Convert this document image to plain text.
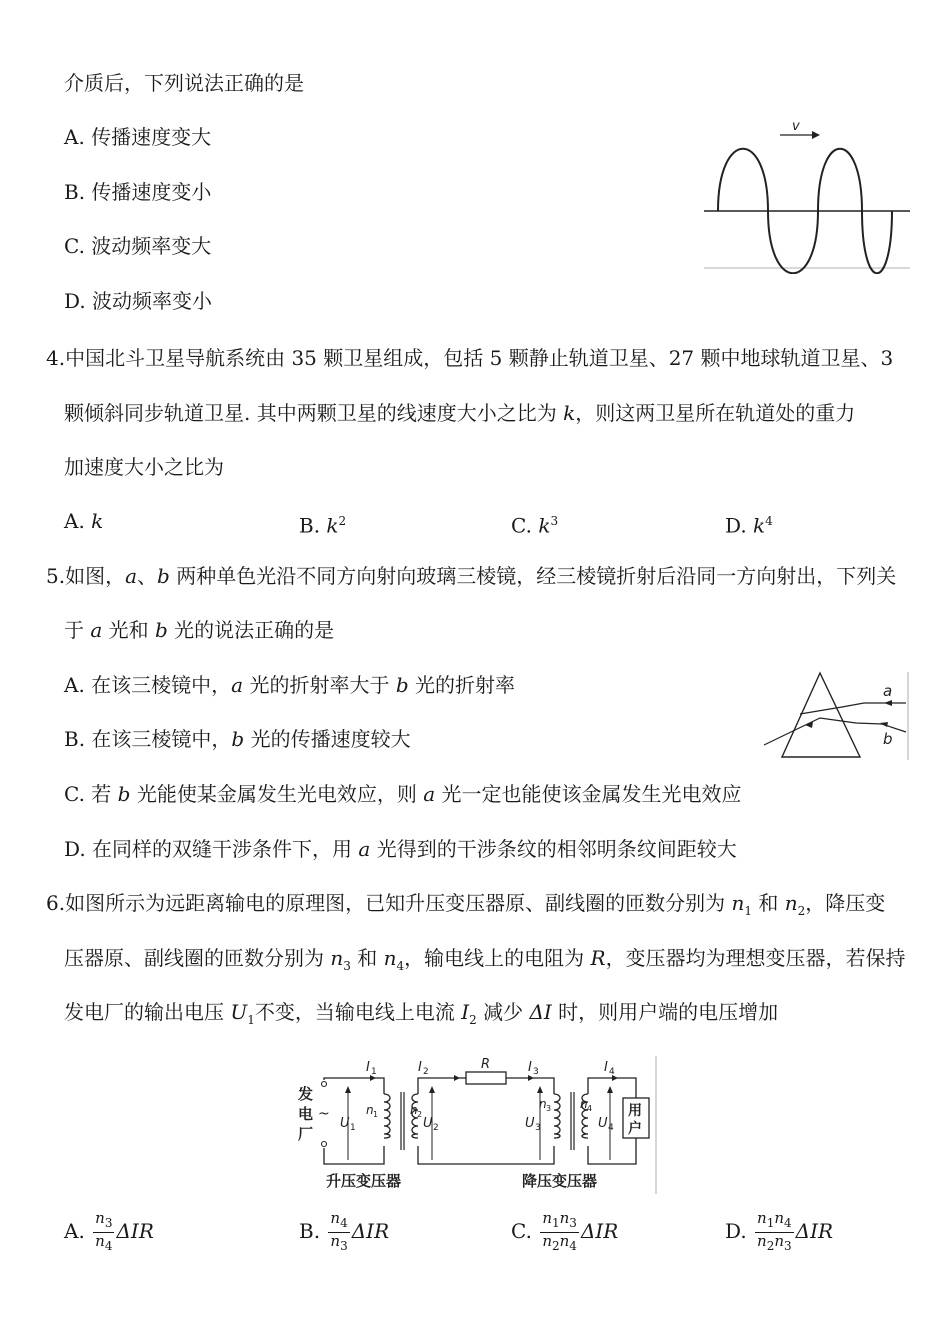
介质后，下列说法正确的是
A. 传播速度变大
B. 传播速度变小
C. 波动频率变大
D. 波动频率变小
v
4.中国北斗卫星导航系统由 35 颗卫星组成，包括 5 颗静止轨道卫星、27 颗中地球轨道卫星、3
颗倾斜同步轨道卫星. 其中两颗卫星的线速度大小之比为 k，则这两卫星所在轨道处的重力
加速度大小之比为
A. k	B. $k^2$	C. $k^3$	D. $k^4$
5.如图，a、b 两种单色光沿不同方向射向玻璃三棱镜，经三棱镜折射后沿同一方向射出，下列关
于 a 光和 b 光的说法正确的是
A. 在该三棱镜中，a 光的折射率大于 b 光的折射率
B. 在该三棱镜中，b 光的传播速度较大
C. 若 b 光能使某金属发生光电效应，则 a 光一定也能使该金属发生光电效应
D. 在同样的双缝干涉条件下，用 a 光得到的干涉条纹的相邻明条纹间距较大
a
b
6.如图所示为远距离输电的原理图，已知升压变压器原、副线圈的匝数分别为 $n_1$ 和 $n_2$，降压变
压器原、副线圈的匝数分别为 $n_3$ 和 $n_4$，输电线上的电阻为 R，变压器均为理想变压器，若保持
发电厂的输出电压 $U_1$不变，当输电线上电流 $I_2$ 减少 ΔI 时，则用户端的电压增加
~
发
电
厂
U 1
I 1
n 1	n 2
U 2
R
I 2	I 3
U 3
n 3 n 4
I 4
U 4
用
户
升压变压器	降压变压器
A. $\frac{n_3}{n_4}$ ΔIR	B. $\frac{n_4}{n_3}$ ΔIR	C. $\frac{n_1n_3}{n_2n_4}$ ΔIR	D. $\frac{n_1n_4}{n_2n_3}$ ΔIR
